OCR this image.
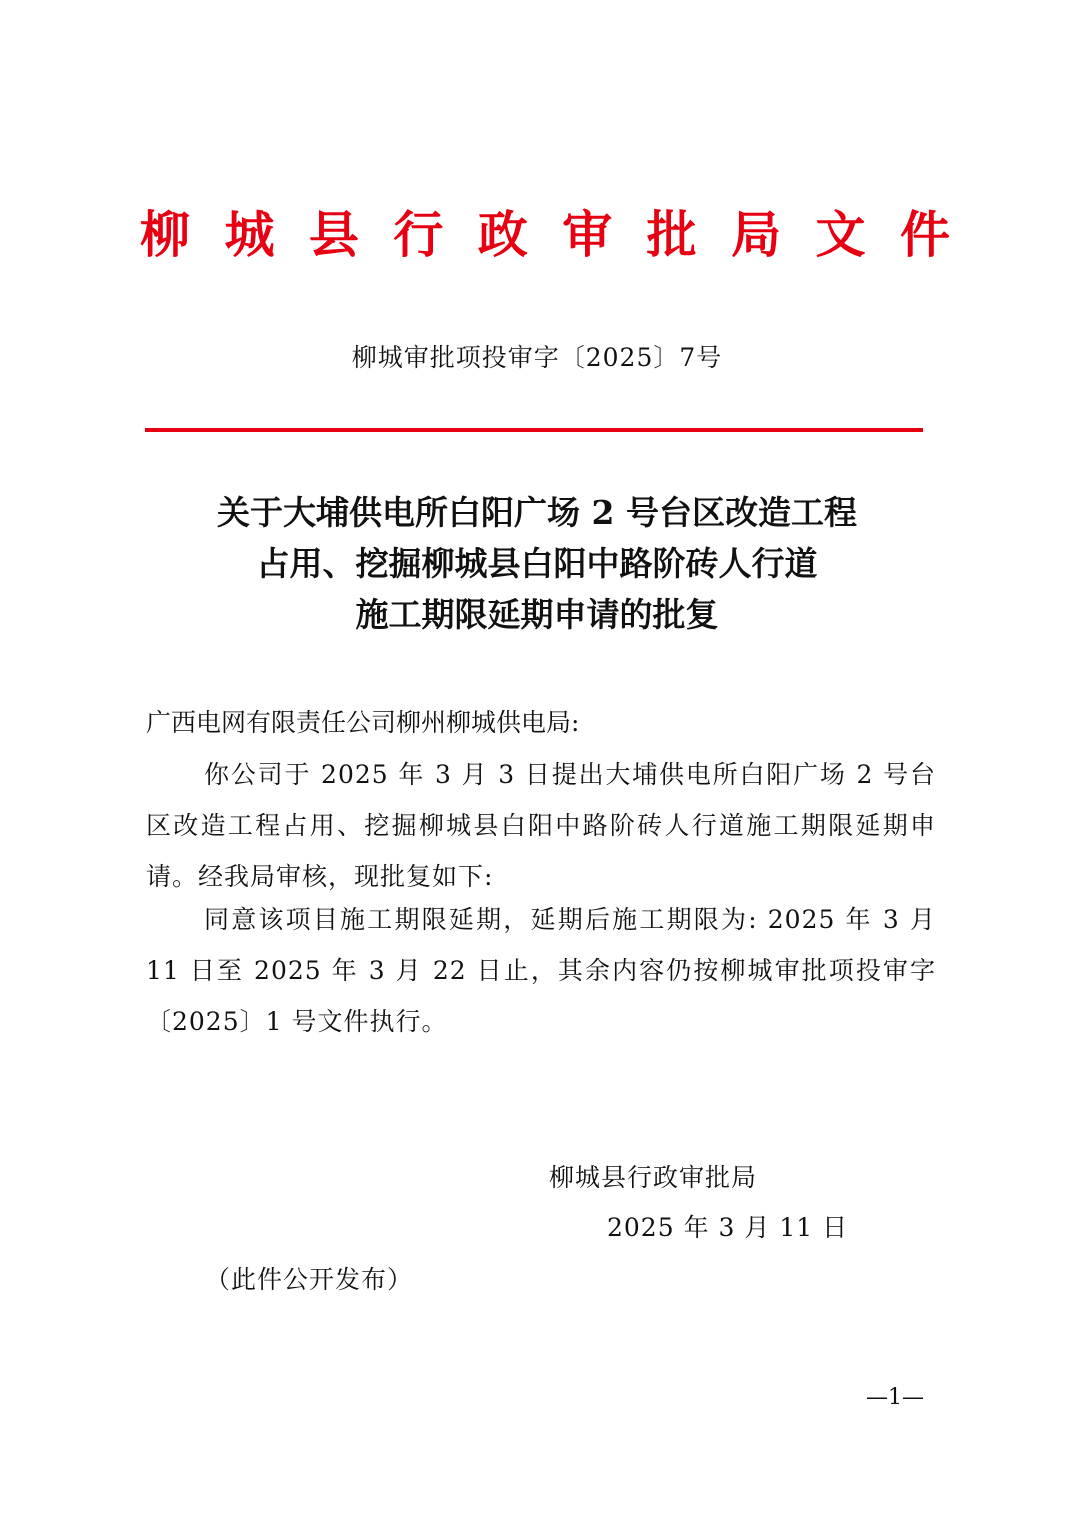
柳 城 县 行 政 审 批 局 文 件
柳城审批项投审字〔2025〕7号
关于大埔供电所白阳广场 2 号台区改造工程
占用、挖掘柳城县白阳中路阶砖人行道
施工期限延期申请的批复
广西电网有限责任公司柳州柳城供电局:
你公司于 2025 年 3 月 3 日提出大埔供电所白阳广场 2 号台区改造工程占用、挖掘柳城县白阳中路阶砖人行道施工期限延期申请。经我局审核，现批复如下:
同意该项目施工期限延期，延期后施工期限为: 2025 年 3 月 11 日至 2025 年 3 月 22 日止，其余内容仍按柳城审批项投审字〔2025〕1 号文件执行。
柳城县行政审批局
2025 年 3 月 11 日
（此件公开发布）
—1—
